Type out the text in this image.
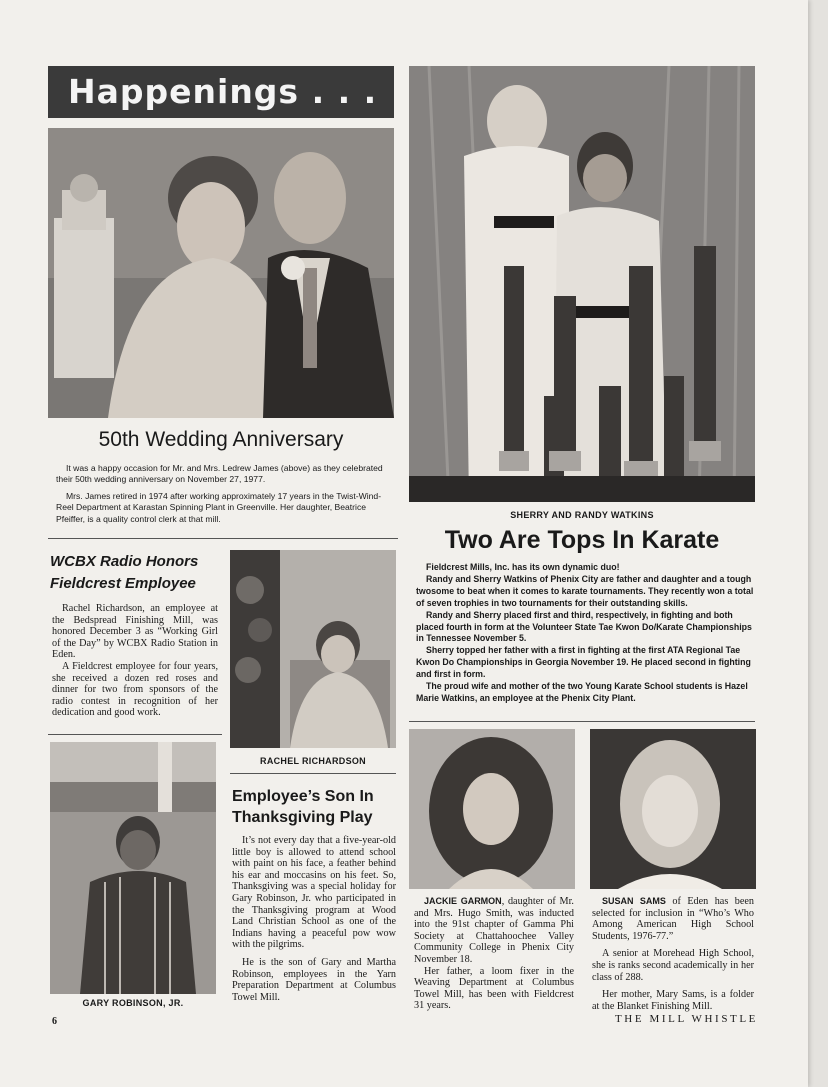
Happenings . . .
50th Wedding Anniversary

It was a happy occasion for Mr. and Mrs. Ledrew James (above) as they celebrated their 50th wedding anniversary on November 27, 1977.

Mrs. James retired in 1974 after working approximately 17 years in the Twist-Wind-Reel Department at Karastan Spinning Plant in Greenville. Her daughter, Beatrice Pfeiffer, is a quality control clerk at that mill.	SHERRY AND RANDY WATKINS
Two Are Tops In Karate

Fieldcrest Mills, Inc. has its own dynamic duo!

Randy and Sherry Watkins of Phenix City are father and daughter and a tough twosome to beat when it comes to karate tournaments. They recently won a total of seven trophies in two tournaments for their outstanding skills.

Randy and Sherry placed first and third, respectively, in fighting and both placed fourth in form at the Volunteer State Tae Kwon Do/Karate Championships in Tennessee November 5.

Sherry topped her father with a first in fighting at the first ATA Regional Tae Kwon Do Championships in Georgia November 19. He placed second in fighting and first in form.

The proud wife and mother of the two Young Karate School students is Hazel Marie Watkins, an employee at the Phenix City Plant.

WCBX Radio Honors
Fieldcrest Employee

Rachel Richardson, an employee at the Bedspread Finishing Mill, was honored December 3 as “Working Girl of the Day” by WCBX Radio Station in Eden.

A Fieldcrest employee for four years, she received a dozen red roses and dinner for two from sponsors of the radio contest in recognition of her dedication and good work.

RACHEL RICHARDSON
GARY ROBINSON, JR.
Employee’s Son In
Thanksgiving Play

It’s not every day that a five-year-old little boy is allowed to attend school with paint on his face, a feather behind his ear and moccasins on his feet. So, Thanksgiving was a special holiday for Gary Robinson, Jr. who participated in the Thanksgiving program at Wood Land Christian School as one of the Indians having a peaceful pow wow with the pilgrims.

He is the son of Gary and Martha Robinson, employees in the Yarn Preparation Department at Columbus Towel Mill.

JACKIE GARMON, daughter of Mr. and Mrs. Hugo Smith, was inducted into the 91st chapter of Gamma Phi Society at Chattahoochee Valley Community College in Phenix City November 18.

Her father, a loom fixer in the Weaving Department at Columbus Towel Mill, has been with Fieldcrest 31 years.

SUSAN SAMS of Eden has been selected for inclusion in “Who’s Who Among American High School Students, 1976-77.”

A senior at Morehead High School, she is ranks second academically in her class of 288.

Her mother, Mary Sams, is a folder at the Blanket Finishing Mill.

6	THE MILL WHISTLE
